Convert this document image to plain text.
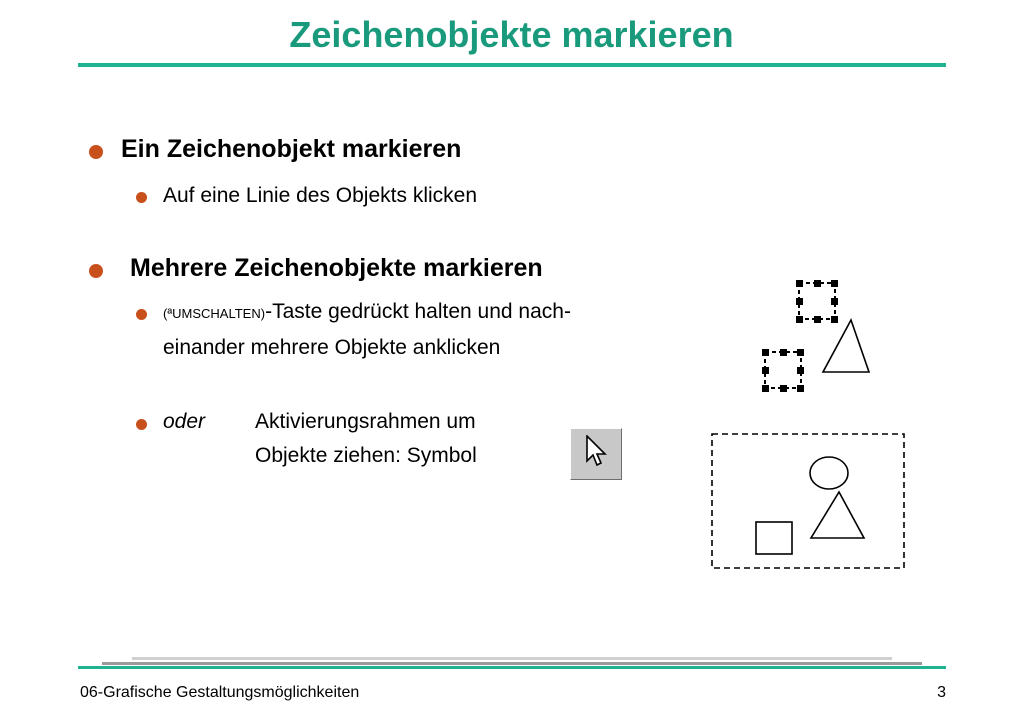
Zeichenobjekte markieren
Ein Zeichenobjekt markieren
Auf eine Linie des Objekts klicken
Mehrere Zeichenobjekte markieren
(ªUMSCHALTEN)-Taste gedrückt halten und nach-
einander mehrere Objekte anklicken
oder Aktivierungsrahmen um
Objekte ziehen: Symbol
06-Grafische Gestaltungsmöglichkeiten	3
